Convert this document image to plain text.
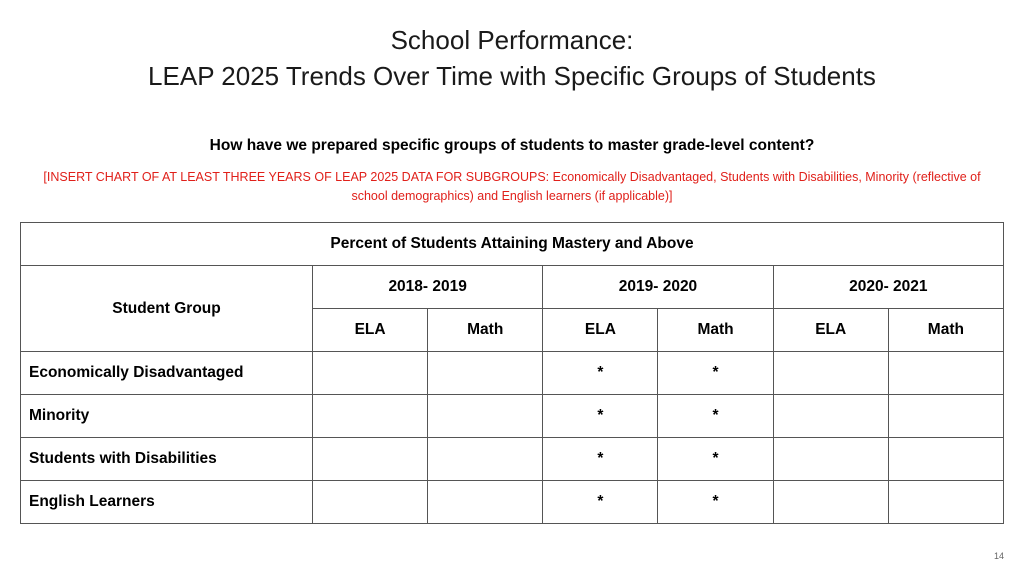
School Performance:
LEAP 2025 Trends Over Time with Specific Groups of Students
How have we prepared specific groups of students to master grade-level content?
[INSERT CHART OF AT LEAST THREE YEARS OF LEAP 2025 DATA FOR SUBGROUPS: Economically Disadvantaged, Students with Disabilities, Minority (reflective of school demographics) and English learners (if applicable)]
Percent of Students Attaining Mastery and Above						
Student Group	2018- 2019		2019- 2020		2020- 2021	
	ELA	Math	ELA	Math	ELA	Math
Economically Disadvantaged			*	*		
Minority			*	*		
Students with Disabilities			*	*		
English Learners			*	*		
14
